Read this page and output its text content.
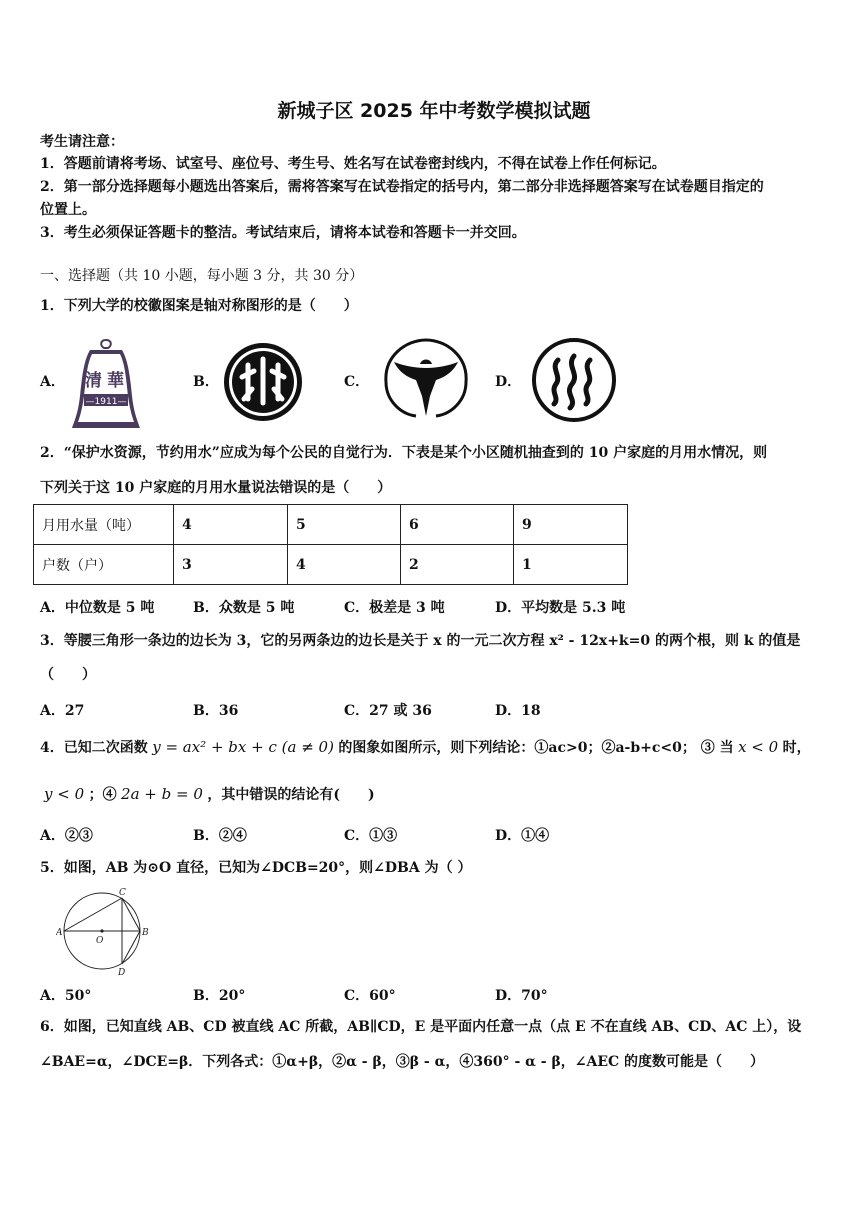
新城子区 2025 年中考数学模拟试题
考生请注意：
1．答题前请将考场、试室号、座位号、考生号、姓名写在试卷密封线内，不得在试卷上作任何标记。
2．第一部分选择题每小题选出答案后，需将答案写在试卷指定的括号内，第二部分非选择题答案写在试卷题目指定的
位置上。
3．考生必须保证答题卡的整洁。考试结束后，请将本试卷和答题卡一并交回。
一、选择题（共 10 小题，每小题 3 分，共 30 分）
1．下列大学的校徽图案是轴对称图形的是（　　）
A． 清 華
—1911—
B．	C．	D．
2．“保护水资源，节约用水”应成为每个公民的自觉行为．下表是某个小区随机抽查到的 10 户家庭的月用水情况，则
下列关于这 10 户家庭的月用水量说法错误的是（　　）
月用水量（吨）	4	5	6	9
户数（户）	3	4	2	1
A．中位数是 5 吨	B．众数是 5 吨	C．极差是 3 吨	D．平均数是 5.3 吨
3．等腰三角形一条边的边长为 3，它的另两条边的边长是关于 x 的一元二次方程 x² - 12x+k=0 的两个根，则 k 的值是
（　　）
A．27	B．36	C．27 或 36	D．18
4．已知二次函数 y = ax² + bx + c (a ≠ 0) 的图象如图所示，则下列结论：①ac>0；②a-b+c<0； ③ 当 x < 0 时，
y < 0 ；④ 2a + b = 0 ，其中错误的结论有(　　)
A．②③	B．②④	C．①③	D．①④
5．如图，AB 为⊙O 直径，已知为∠DCB=20°，则∠DBA 为（ ）
A	B
C
D
O
A．50°	B．20°	C．60°	D．70°
6．如图，已知直线 AB、CD 被直线 AC 所截，AB∥CD，E 是平面内任意一点（点 E 不在直线 AB、CD、AC 上），设
∠BAE=α，∠DCE=β．下列各式：①α+β，②α - β，③β - α，④360° - α - β，∠AEC 的度数可能是（　　）
